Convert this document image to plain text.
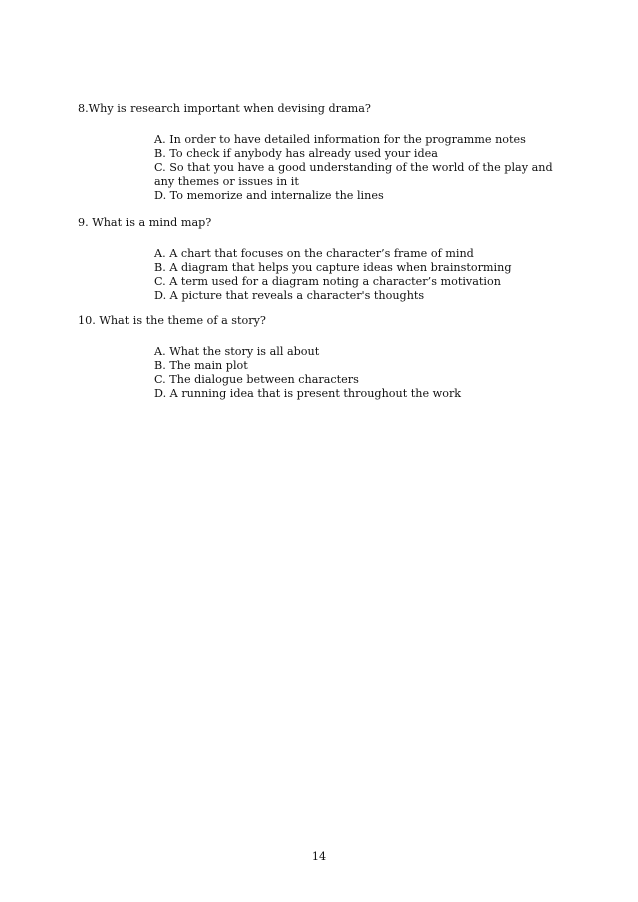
8.Why is research important when devising drama?

A. In order to have detailed information for the programme notes
B. To check if anybody has already used your idea
C. So that you have a good understanding of the world of the play and any themes or issues in it
D. To memorize and internalize the lines

9. What is a mind map?

A. A chart that focuses on the character’s frame of mind
B. A diagram that helps you capture ideas when brainstorming
C. A term used for a diagram noting a character’s motivation
D. A picture that reveals a character's thoughts

10. What is the theme of a story?

A. What the story is all about
B. The main plot
C. The dialogue between characters
D. A running idea that is present throughout the work
14
